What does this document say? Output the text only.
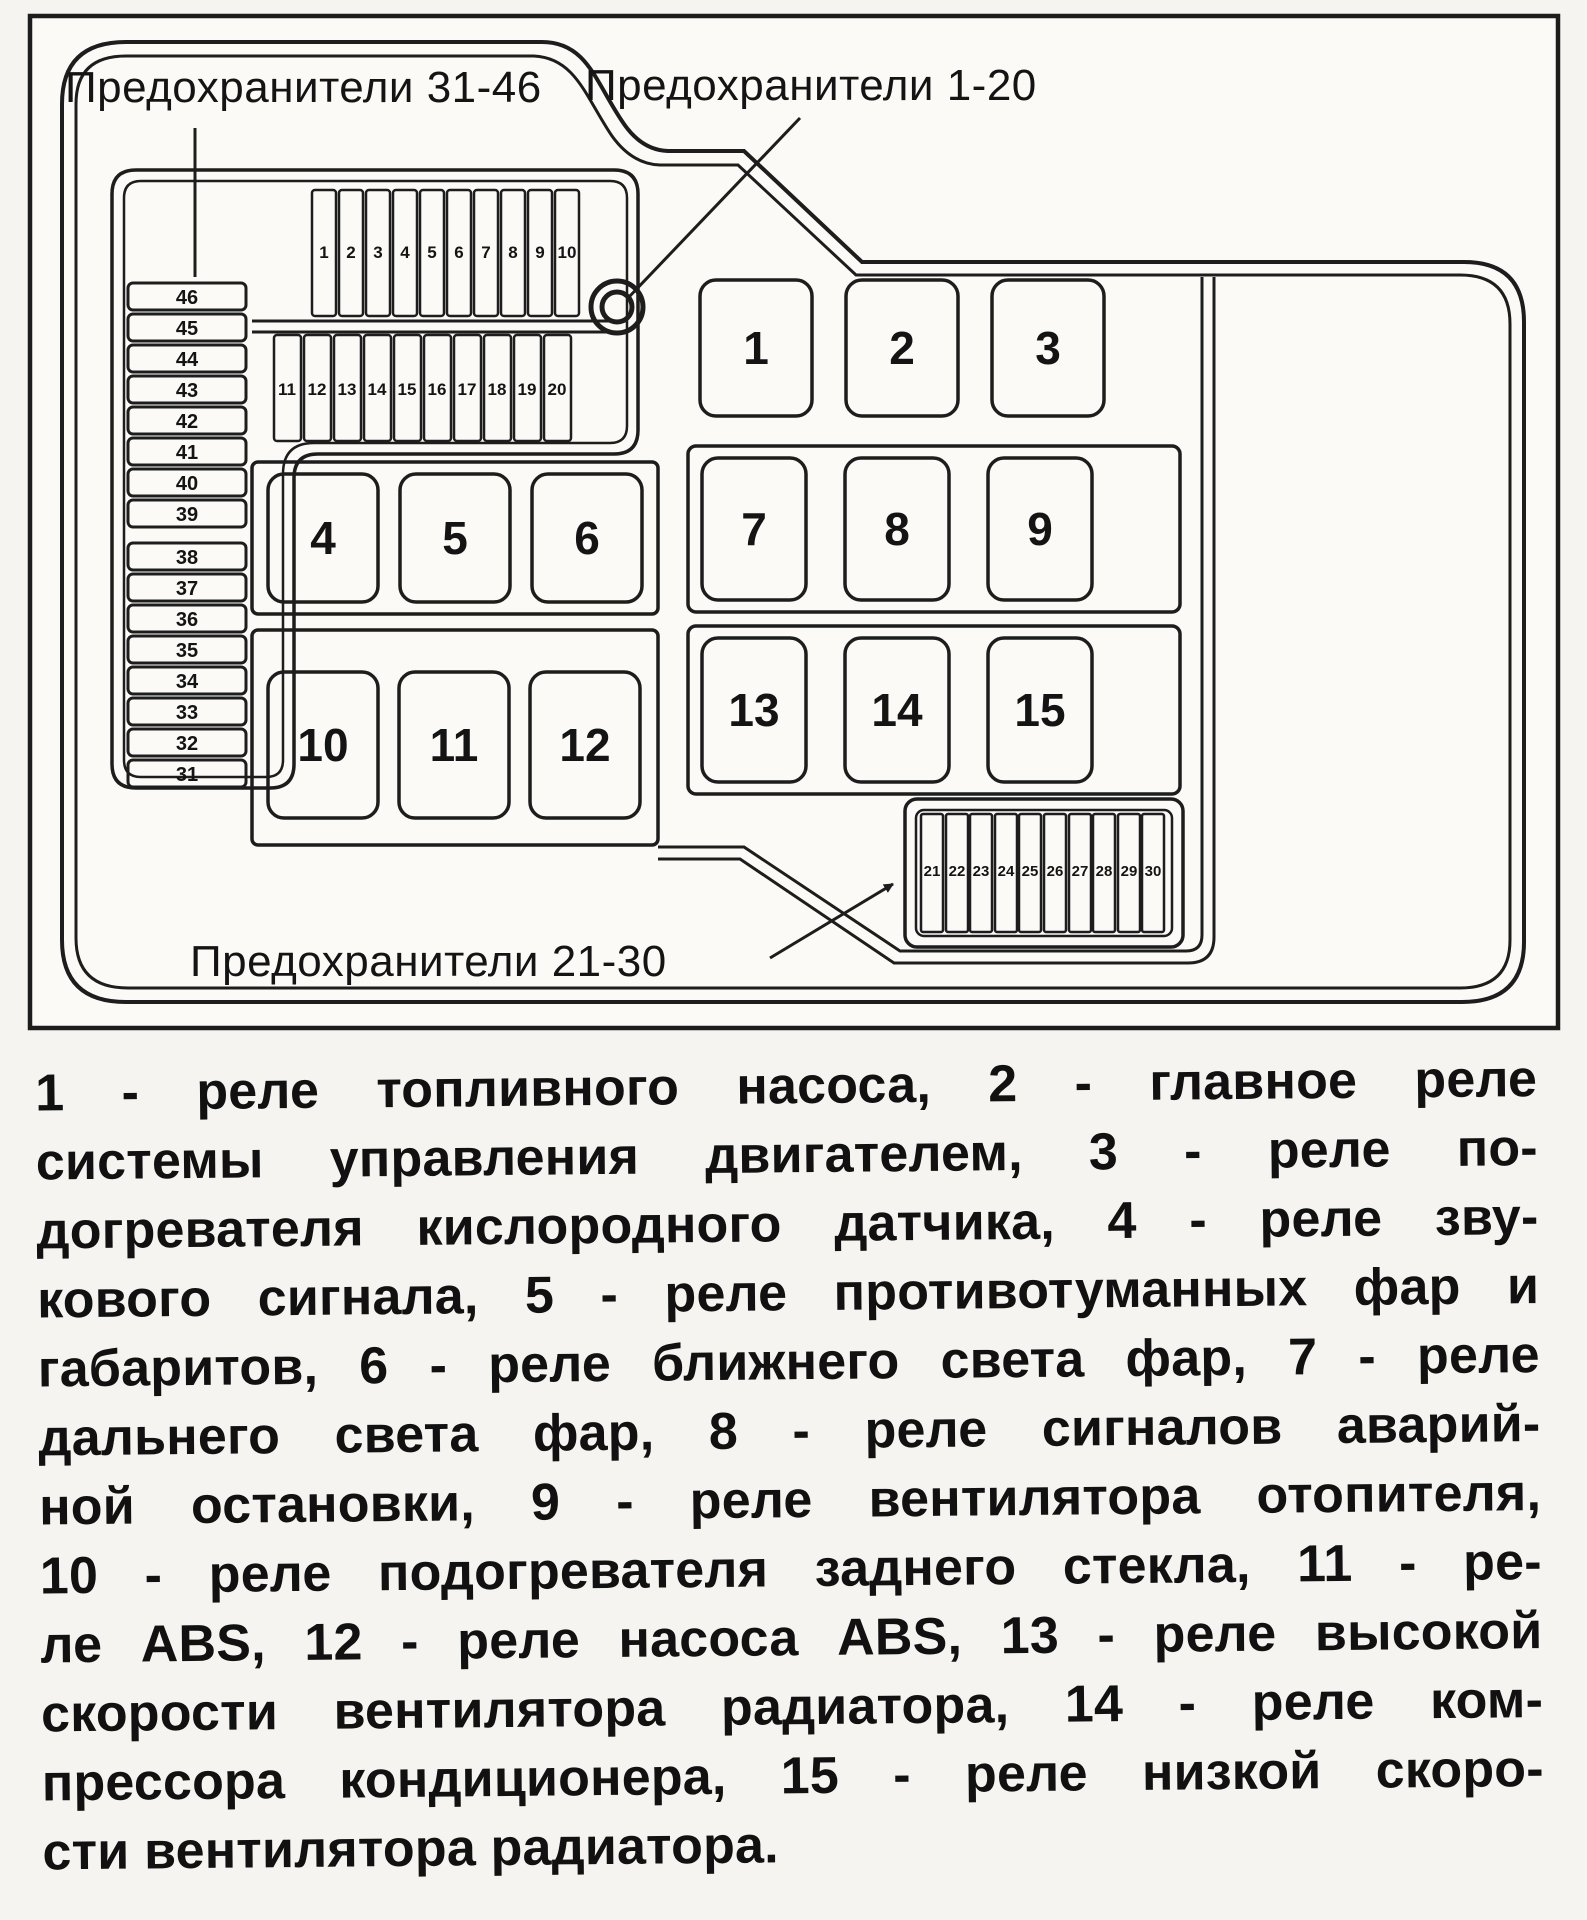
46
45
44
43
42
41
40
39
38
37
36
35
34
33
32
31
1 2 3 4 5 6 7 8 9 10
11 12 13 14 15 16 17 18 19 20
1	2	3
4 5 6	7	8	9
13 14 15
10 11 12
21 22 23 24 25 26 27 28 29 30
Предохранители 31-46 Предохранители 1-20
Предохранители 21-30
1 - реле топливного насоса, 2 - главное реле
системы управления двигателем, 3 - реле по-
догревателя кислородного датчика, 4 - реле зву-
кового сигнала, 5 - реле противотуманных фар и
габаритов, 6 - реле ближнего света фар, 7 - реле
дальнего света фар, 8 - реле сигналов аварий-
ной остановки, 9 - реле вентилятора отопителя,
10 - реле подогревателя заднего стекла, 11 - ре-
ле ABS, 12 - реле насоса ABS, 13 - реле высокой
скорости вентилятора радиатора, 14 - реле ком-
прессора кондиционера, 15 - реле низкой скоро-
сти вентилятора радиатора.
